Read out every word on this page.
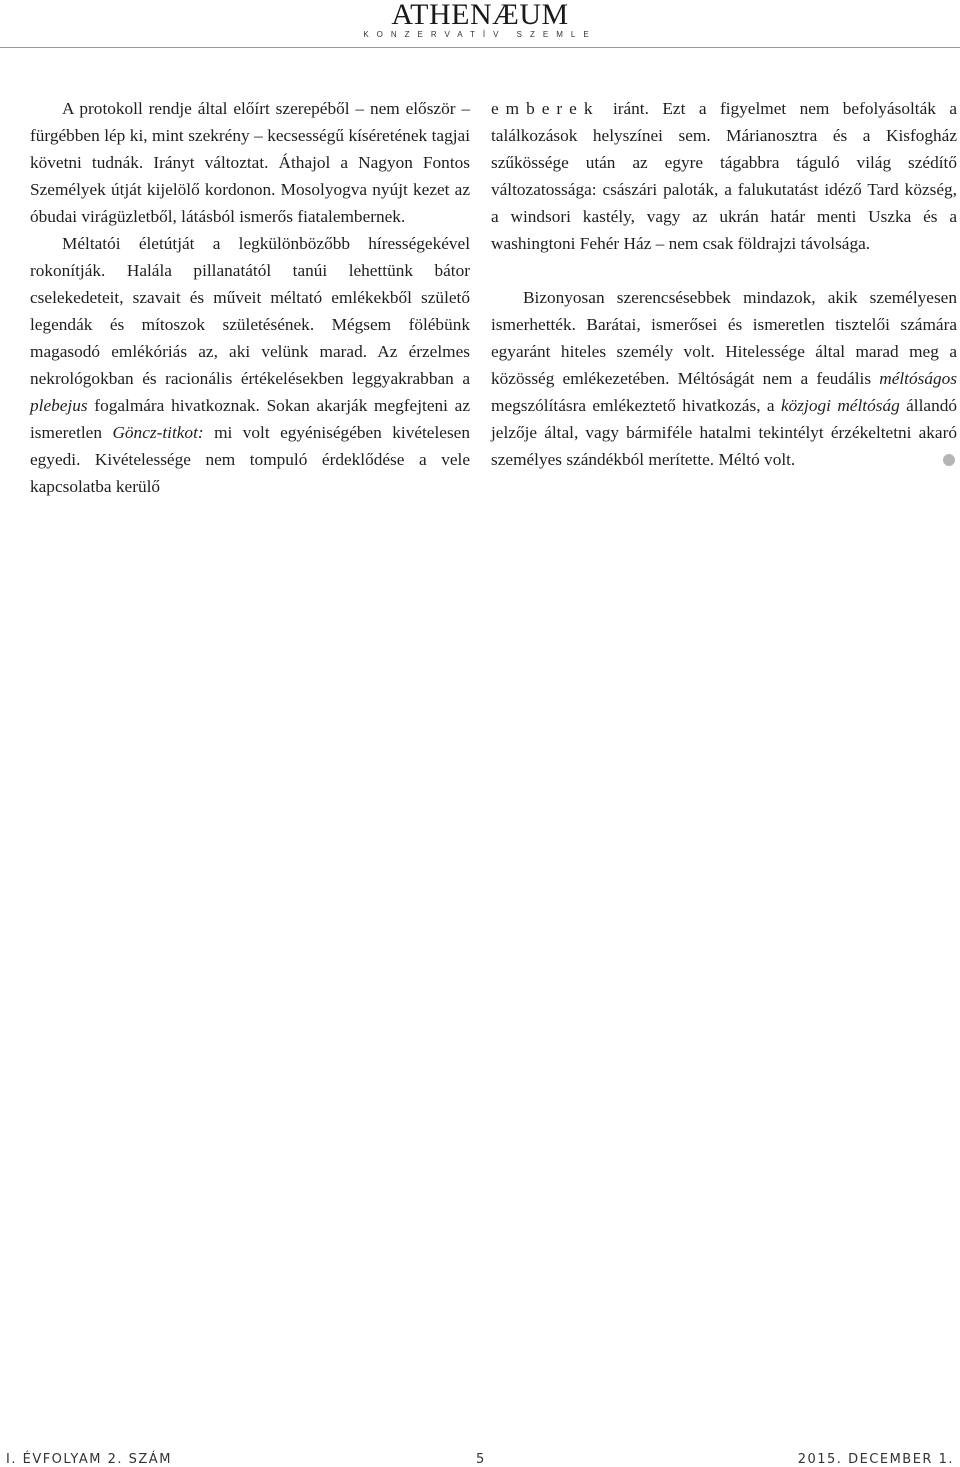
ATHENÆUM
KONZERVATÍV SZEMLE

A protokoll rendje által előírt szerepéből – nem először – fürgébben lép ki, mint szekrény – kecsességű kíséretének tagjai követni tudnák. Irányt változtat. Áthajol a Nagyon Fontos Személyek útját kijelölő kordonon. Mosolyogva nyújt kezet az óbudai virágüzletből, látásból ismerős fiatalembernek.

Méltatói életútját a legkülönbözőbb hírességekével rokonítják. Halála pillanatától tanúi lehettünk bátor cselekedeteit, szavait és műveit méltató emlékekből születő legendák és mítoszok születésének. Mégsem fölébünk magasodó emlékóriás az, aki velünk marad. Az érzelmes nekrológokban és racionális értékelésekben leggyakrabban a plebejus fogalmára hivatkoznak. Sokan akarják megfejteni az ismeretlen Göncz-titkot: mi volt egyéniségében kivételesen egyedi. Kivételessége nem tompuló érdeklődése a vele kapcsolatba kerülő

emberek iránt. Ezt a figyelmet nem befolyásolták a találkozások helyszínei sem. Márianosztra és a Kisfogház szűkössége után az egyre tágabbra táguló világ szédítő változatossága: császári paloták, a falukutatást idéző Tard község, a windsori kastély, vagy az ukrán határ menti Uszka és a washingtoni Fehér Ház – nem csak földrajzi távolsága.

Bizonyosan szerencsésebbek mindazok, akik személyesen ismerhették. Barátai, ismerősei és ismeretlen tisztelői számára egyaránt hiteles személy volt. Hitelessége által marad meg a közösség emlékezetében. Méltóságát nem a feudális méltóságos megszólításra emlékeztető hivatkozás, a közjogi méltóság állandó jelzője által, vagy bármiféle hatalmi tekintélyt érzékeltetni akaró személyes szándékból merítette. Méltó volt.

I. ÉVFOLYAM 2. SZÁM	5	2015. DECEMBER 1.
